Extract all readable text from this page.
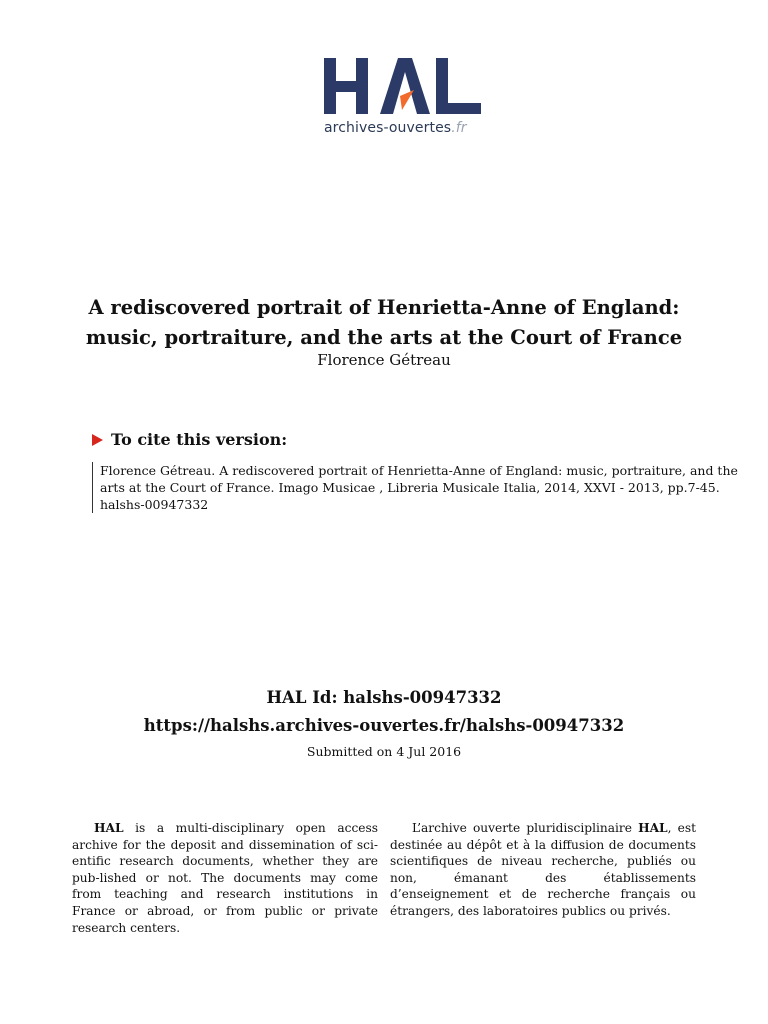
archives-ouvertes.fr
A rediscovered portrait of Henrietta-Anne of England:
music, portraiture, and the arts at the Court of France
Florence Gétreau
To cite this version:
Florence Gétreau. A rediscovered portrait of Henrietta-Anne of England: music, portraiture, and the
arts at the Court of France. Imago Musicae , Libreria Musicale Italia, 2014, XXVI - 2013, pp.7-45.
halshs-00947332
HAL Id: halshs-00947332
https://halshs.archives-ouvertes.fr/halshs-00947332
Submitted on 4 Jul 2016
HAL is a multi-disciplinary open access archive for the deposit and dissemination of sci-entific research documents, whether they are pub-lished or not. The documents may come from teaching and research institutions in France or abroad, or from public or private research centers.
L’archive ouverte pluridisciplinaire HAL, est destinée au dépôt et à la diffusion de documents scientifiques de niveau recherche, publiés ou non, émanant des établissements d’enseignement et de recherche français ou étrangers, des laboratoires publics ou privés.
